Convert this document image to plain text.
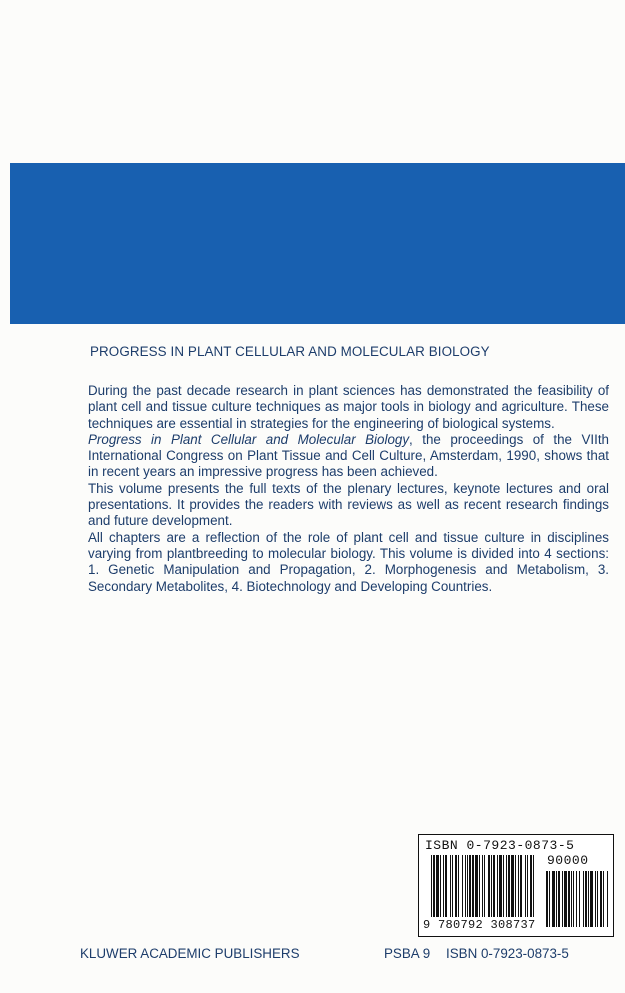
PROGRESS IN PLANT CELLULAR AND MOLECULAR BIOLOGY

During the past decade research in plant sciences has demonstrated the feasibility of plant cell and tissue culture techniques as major tools in biology and agriculture. These techniques are essential in strategies for the engineering of biological systems.

Progress in Plant Cellular and Molecular Biology, the proceedings of the VIIth International Congress on Plant Tissue and Cell Culture, Amsterdam, 1990, shows that in recent years an impressive progress has been achieved.

This volume presents the full texts of the plenary lectures, keynote lectures and oral presentations. It provides the readers with reviews as well as recent research findings and future development.

All chapters are a reflection of the role of plant cell and tissue culture in disciplines varying from plantbreeding to molecular biology. This volume is divided into 4 sections: 1. Genetic Manipulation and Propagation, 2. Morphogenesis and Metabolism, 3. Secondary Metabolites, 4. Biotechnology and Developing Countries.

ISBN 0-7923-0873-5
90000
9 780792 308737
KLUWER ACADEMIC PUBLISHERS	PSBA 9 ISBN 0-7923-0873-5
